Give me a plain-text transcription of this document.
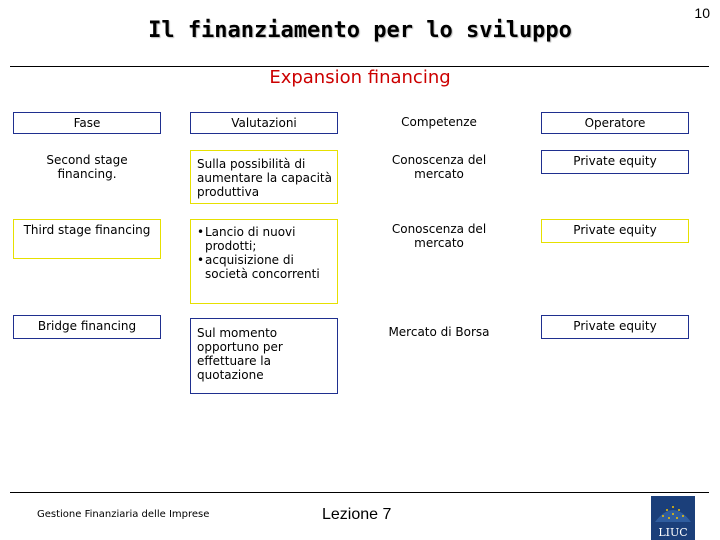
10
Il finanziamento per lo sviluppo
Expansion financing
Fase	Valutazioni	Competenze	Operatore
Second stage financing.
Sulla possibilità di aumentare la capacità produttiva
Conoscenza del mercato
Private equity
Third stage financing
•	Lancio di nuovi prodotti;
• acquisizione di società concorrenti
Conoscenza del mercato
Private equity
Bridge financing	Sul momento opportuno per effettuare la quotazione
Mercato di Borsa	Private equity
Gestione Finanziaria delle Imprese	Lezione 7
LIUC
